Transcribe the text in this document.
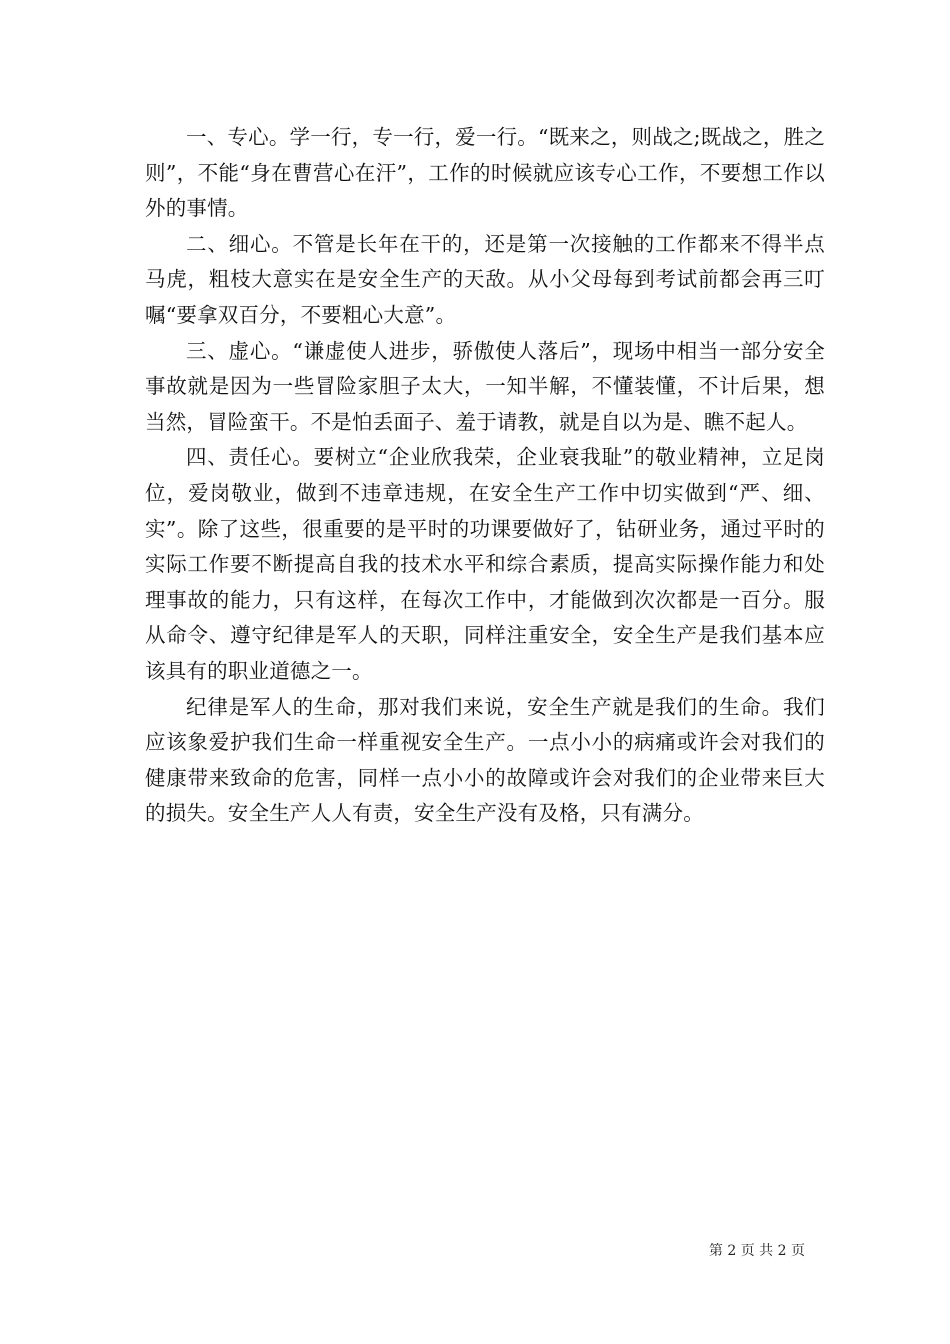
一、专心。学一行，专一行，爱一行。“既来之，则战之;既战之，胜之则”，不能“身在曹营心在汗”，工作的时候就应该专心工作，不要想工作以外的事情。

二、细心。不管是长年在干的，还是第一次接触的工作都来不得半点马虎，粗枝大意实在是安全生产的天敌。从小父母每到考试前都会再三叮嘱“要拿双百分，不要粗心大意”。

三、虚心。“谦虚使人进步，骄傲使人落后”，现场中相当一部分安全事故就是因为一些冒险家胆子太大，一知半解，不懂装懂，不计后果，想当然，冒险蛮干。不是怕丢面子、羞于请教，就是自以为是、瞧不起人。

四、责任心。要树立“企业欣我荣，企业衰我耻”的敬业精神，立足岗位，爱岗敬业，做到不违章违规，在安全生产工作中切实做到“严、细、实”。除了这些，很重要的是平时的功课要做好了，钻研业务，通过平时的实际工作要不断提高自我的技术水平和综合素质，提高实际操作能力和处理事故的能力，只有这样，在每次工作中，才能做到次次都是一百分。服从命令、遵守纪律是军人的天职，同样注重安全，安全生产是我们基本应该具有的职业道德之一。

纪律是军人的生命，那对我们来说，安全生产就是我们的生命。我们应该象爱护我们生命一样重视安全生产。一点小小的病痛或许会对我们的健康带来致命的危害，同样一点小小的故障或许会对我们的企业带来巨大的损失。安全生产人人有责，安全生产没有及格，只有满分。

第 2 页 共 2 页
